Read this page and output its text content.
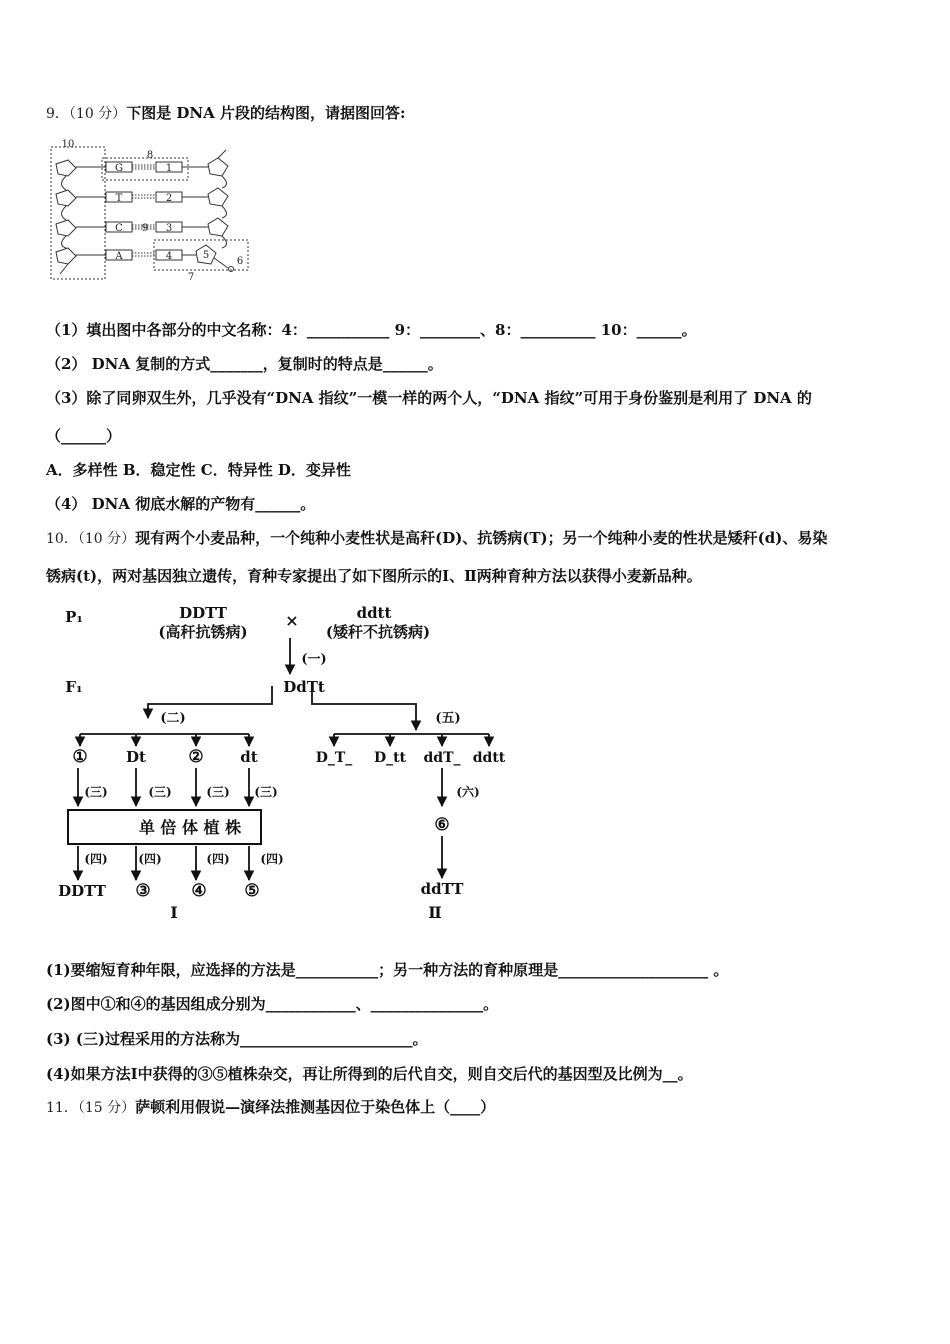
9．（10 分）下图是 DNA 片段的结构图，请据图回答:
10
8
9
7
6
G
T
C
A
1
2
3
4	5
（1）填出图中各部分的中文名称：4：___________ 9：________、8：__________ 10：______。
（2） DNA 复制的方式_______，复制时的特点是______。
（3）除了同卵双生外，几乎没有“DNA 指纹”一模一样的两个人，“DNA 指纹”可用于身份鉴别是利用了 DNA 的
（______）
A．多样性 B．稳定性 C．特异性 D．变异性
（4） DNA 彻底水解的产物有______。
10．（10 分）现有两个小麦品种，一个纯种小麦性状是高秆(D)、抗锈病(T)；另一个纯种小麦的性状是矮秆(d)、易染
锈病(t)，两对基因独立遗传，育种专家提出了如下图所示的Ⅰ、Ⅱ两种育种方法以获得小麦新品种。
P₁
F₁
DDTT
(高秆抗锈病)
×	ddtt
(矮秆不抗锈病)
(一)
DdTt
(二)	(五)
①	Dt ② dt	D_T_ D_tt ddT_ ddtt
(三)	(三)	(三) (三)	(六)
单 倍 体 植 株	⑥
(四)	(四)	(四)	(四)
DDTT ③ ④ ⑤	ddTT
Ⅰ	Ⅱ
(1)要缩短育种年限，应选择的方法是___________；另一种方法的育种原理是____________________ 。
(2)图中①和④的基因组成分别为____________、_______________。
(3) (三)过程采用的方法称为_______________________。
(4)如果方法Ⅰ中获得的③⑤植株杂交，再让所得到的后代自交，则自交后代的基因型及比例为__。
11．（15 分）萨顿利用假说—演绎法推测基因位于染色体上（____）
